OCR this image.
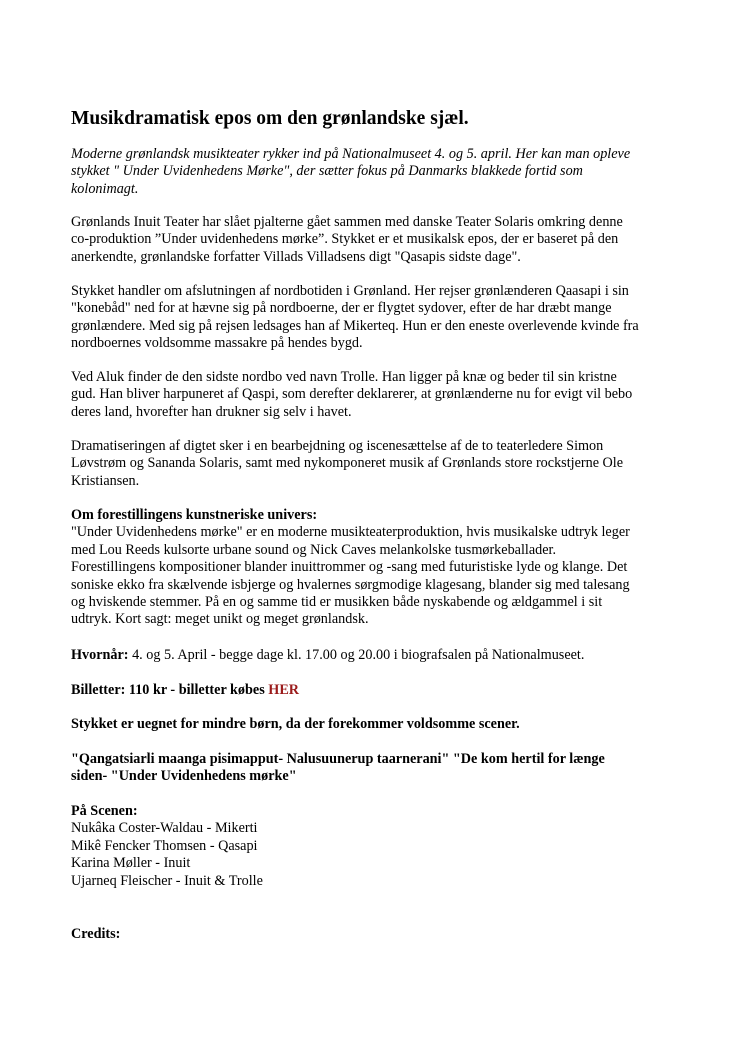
Musikdramatisk epos om den grønlandske sjæl.
Moderne grønlandsk musikteater rykker ind på Nationalmuseet 4. og 5. april. Her kan man opleve
stykket " Under Uvidenhedens Mørke", der sætter fokus på Danmarks blakkede fortid som
kolonimagt.
Grønlands Inuit Teater har slået pjalterne gået sammen med danske Teater Solaris omkring denne
co-produktion ”Under uvidenhedens mørke”. Stykket er et musikalsk epos, der er baseret på den
anerkendte, grønlandske forfatter Villads Villadsens digt "Qasapis sidste dage".
Stykket handler om afslutningen af nordbotiden i Grønland. Her rejser grønlænderen Qaasapi i sin
"konebåd" ned for at hævne sig på nordboerne, der er flygtet sydover, efter de har dræbt mange
grønlændere. Med sig på rejsen ledsages han af Mikerteq. Hun er den eneste overlevende kvinde fra
nordboernes voldsomme massakre på hendes bygd.
Ved Aluk finder de den sidste nordbo ved navn Trolle. Han ligger på knæ og beder til sin kristne
gud. Han bliver harpuneret af Qaspi, som derefter deklarerer, at grønlænderne nu for evigt vil bebo
deres land, hvorefter han drukner sig selv i havet.
Dramatiseringen af digtet sker i en bearbejdning og iscenesættelse af de to teaterledere Simon
Løvstrøm og Sananda Solaris, samt med nykomponeret musik af Grønlands store rockstjerne Ole
Kristiansen.
Om forestillingens kunstneriske univers:
"Under Uvidenhedens mørke" er en moderne musikteaterproduktion, hvis musikalske udtryk leger
med Lou Reeds kulsorte urbane sound og Nick Caves melankolske tusmørkeballader.
Forestillingens kompositioner blander inuittrommer og -sang med futuristiske lyde og klange. Det
soniske ekko fra skælvende isbjerge og hvalernes sørgmodige klagesang, blander sig med talesang
og hviskende stemmer. På en og samme tid er musikken både nyskabende og ældgammel i sit
udtryk. Kort sagt: meget unikt og meget grønlandsk.
Hvornår: 4. og 5. April - begge dage kl. 17.00 og 20.00 i biografsalen på Nationalmuseet.
Billetter: 110 kr - billetter købes HER
Stykket er uegnet for mindre børn, da der forekommer voldsomme scener.
"Qangatsiarli maanga pisimapput- Nalusuunerup taarnerani" "De kom hertil for længe
siden- "Under Uvidenhedens mørke"
På Scenen:
Nukâka Coster-Waldau - Mikerti
Mikê Fencker Thomsen - Qasapi
Karina Møller - Inuit
Ujarneq Fleischer - Inuit & Trolle
Credits:
